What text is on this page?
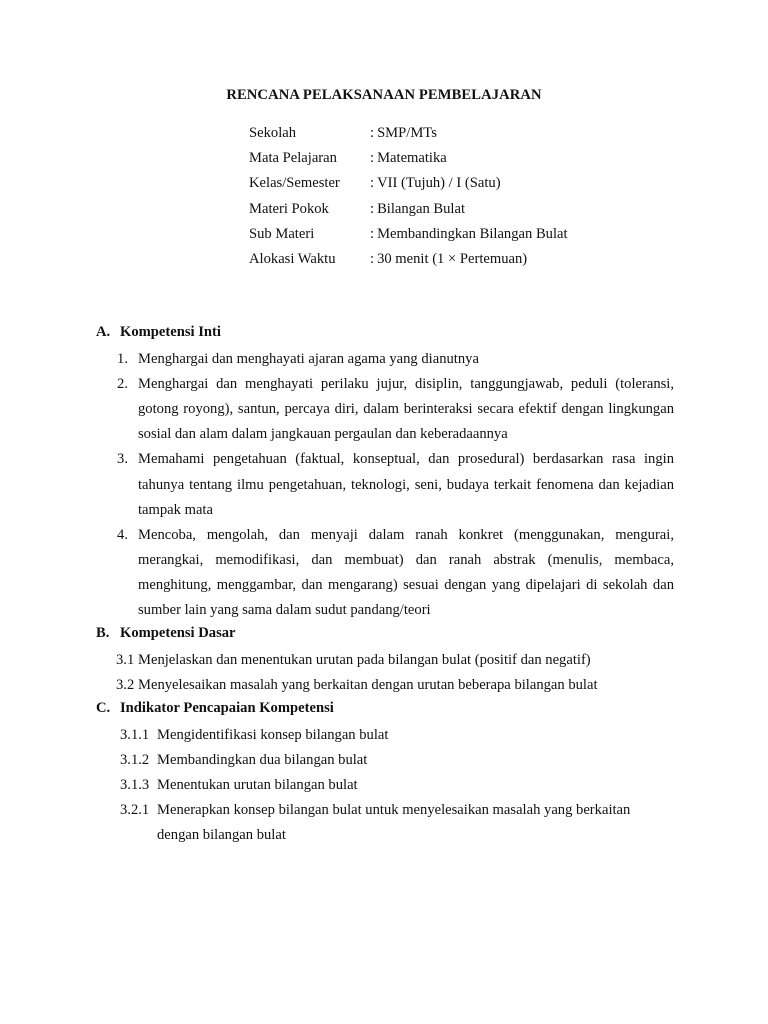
RENCANA PELAKSANAAN PEMBELAJARAN
Sekolah	: SMP/MTs
Mata Pelajaran	: Matematika
Kelas/Semester	: VII (Tujuh) / I (Satu)
Materi Pokok	: Bilangan Bulat
Sub Materi	: Membandingkan Bilangan Bulat
Alokasi Waktu	: 30 menit (1 × Pertemuan)
A. Kompetensi Inti
1. Menghargai dan menghayati ajaran agama yang dianutnya
2. Menghargai dan menghayati perilaku jujur, disiplin, tanggungjawab, peduli (toleransi, gotong royong), santun, percaya diri, dalam berinteraksi secara efektif dengan lingkungan sosial dan alam dalam jangkauan pergaulan dan keberadaannya
3. Memahami pengetahuan (faktual, konseptual, dan prosedural) berdasarkan rasa ingin tahunya tentang ilmu pengetahuan, teknologi, seni, budaya terkait fenomena dan kejadian tampak mata
4. Mencoba, mengolah, dan menyaji dalam ranah konkret (menggunakan, mengurai, merangkai, memodifikasi, dan membuat) dan ranah abstrak (menulis, membaca, menghitung, menggambar, dan mengarang) sesuai dengan yang dipelajari di sekolah dan sumber lain yang sama dalam sudut pandang/teori
B. Kompetensi Dasar
3.1 Menjelaskan dan menentukan urutan pada bilangan bulat (positif dan negatif)
3.2 Menyelesaikan masalah yang berkaitan dengan urutan beberapa bilangan bulat
C. Indikator Pencapaian Kompetensi
3.1.1 Mengidentifikasi konsep bilangan bulat
3.1.2 Membandingkan dua bilangan bulat
3.1.3 Menentukan urutan bilangan bulat
3.2.1 Menerapkan konsep bilangan bulat untuk menyelesaikan masalah yang berkaitan dengan bilangan bulat
